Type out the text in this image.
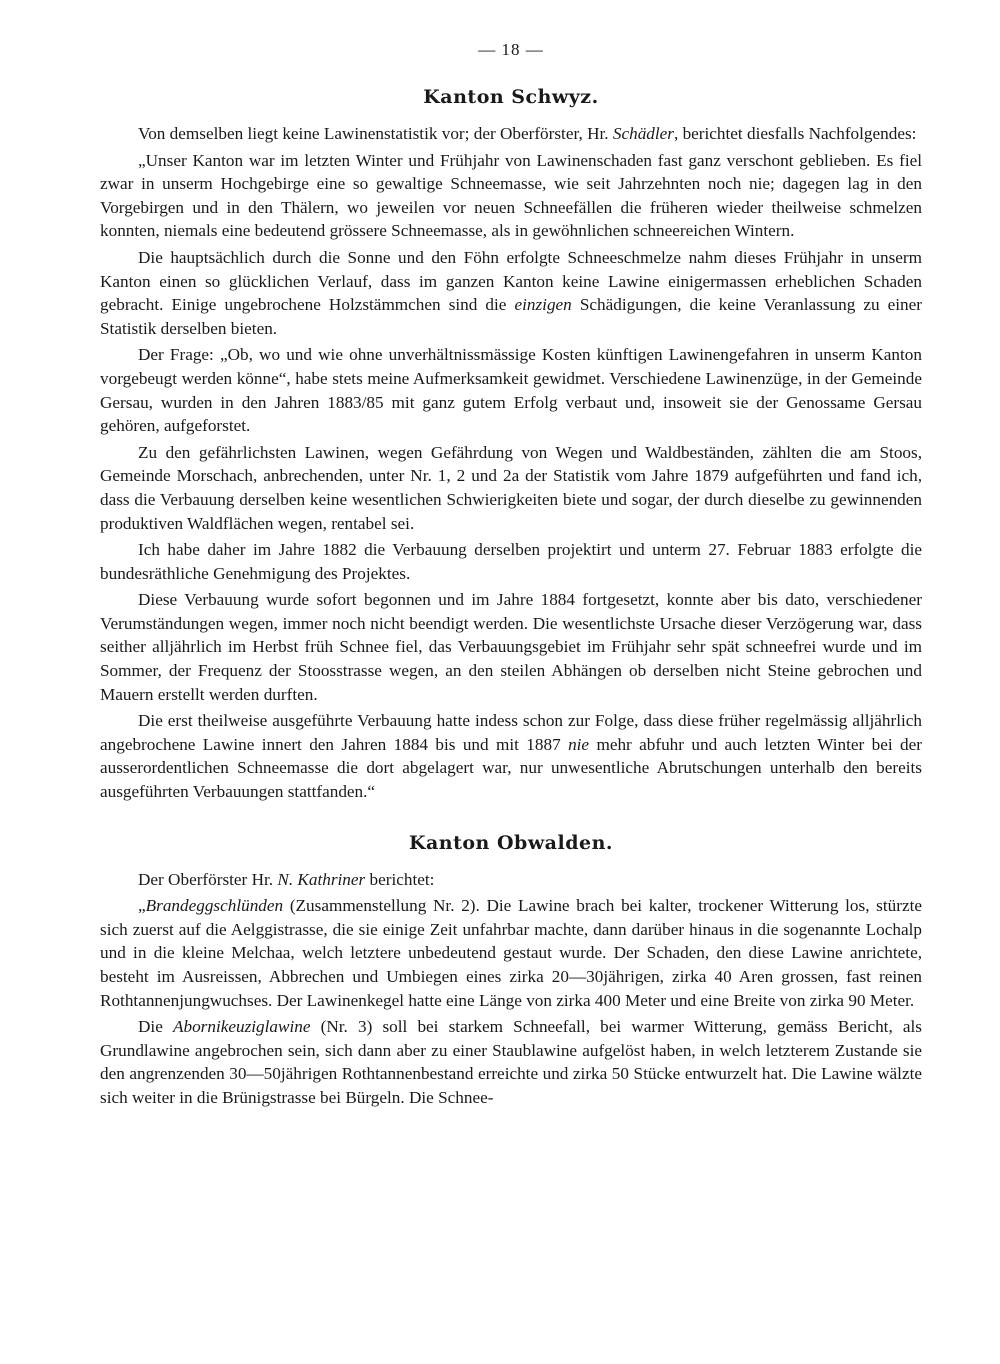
— 18 —
Kanton Schwyz.

Von demselben liegt keine Lawinenstatistik vor; der Oberförster, Hr. Schädler, berichtet diesfalls Nachfolgendes:

„Unser Kanton war im letzten Winter und Frühjahr von Lawinenschaden fast ganz verschont geblieben. Es fiel zwar in unserm Hochgebirge eine so gewaltige Schneemasse, wie seit Jahrzehnten noch nie; dagegen lag in den Vorgebirgen und in den Thälern, wo jeweilen vor neuen Schneefällen die früheren wieder theilweise schmelzen konnten, niemals eine bedeutend grössere Schneemasse, als in gewöhnlichen schneereichen Wintern.

Die hauptsächlich durch die Sonne und den Föhn erfolgte Schneeschmelze nahm dieses Frühjahr in unserm Kanton einen so glücklichen Verlauf, dass im ganzen Kanton keine Lawine einigermassen erheblichen Schaden gebracht. Einige ungebrochene Holzstämmchen sind die einzigen Schädigungen, die keine Veranlassung zu einer Statistik derselben bieten.

Der Frage: „Ob, wo und wie ohne unverhältnissmässige Kosten künftigen Lawinengefahren in unserm Kanton vorgebeugt werden könne“, habe stets meine Aufmerksamkeit gewidmet. Verschiedene Lawinenzüge, in der Gemeinde Gersau, wurden in den Jahren 1883/85 mit ganz gutem Erfolg verbaut und, insoweit sie der Genossame Gersau gehören, aufgeforstet.

Zu den gefährlichsten Lawinen, wegen Gefährdung von Wegen und Waldbeständen, zählten die am Stoos, Gemeinde Morschach, anbrechenden, unter Nr. 1, 2 und 2a der Statistik vom Jahre 1879 aufgeführten und fand ich, dass die Verbauung derselben keine wesentlichen Schwierigkeiten biete und sogar, der durch dieselbe zu gewinnenden produktiven Waldflächen wegen, rentabel sei.

Ich habe daher im Jahre 1882 die Verbauung derselben projektirt und unterm 27. Februar 1883 erfolgte die bundesräthliche Genehmigung des Projektes.

Diese Verbauung wurde sofort begonnen und im Jahre 1884 fortgesetzt, konnte aber bis dato, verschiedener Verumständungen wegen, immer noch nicht beendigt werden. Die wesentlichste Ursache dieser Verzögerung war, dass seither alljährlich im Herbst früh Schnee fiel, das Verbauungsgebiet im Frühjahr sehr spät schneefrei wurde und im Sommer, der Frequenz der Stoosstrasse wegen, an den steilen Abhängen ob derselben nicht Steine gebrochen und Mauern erstellt werden durften.

Die erst theilweise ausgeführte Verbauung hatte indess schon zur Folge, dass diese früher regelmässig alljährlich angebrochene Lawine innert den Jahren 1884 bis und mit 1887 nie mehr abfuhr und auch letzten Winter bei der ausserordentlichen Schneemasse die dort abgelagert war, nur unwesentliche Abrutschungen unterhalb den bereits ausgeführten Verbauungen stattfanden.“

Kanton Obwalden.

Der Oberförster Hr. N. Kathriner berichtet:

„Brandeggschlünden (Zusammenstellung Nr. 2). Die Lawine brach bei kalter, trockener Witterung los, stürzte sich zuerst auf die Aelggistrasse, die sie einige Zeit unfahrbar machte, dann darüber hinaus in die sogenannte Lochalp und in die kleine Melchaa, welch letztere unbedeutend gestaut wurde. Der Schaden, den diese Lawine anrichtete, besteht im Ausreissen, Abbrechen und Umbiegen eines zirka 20—30jährigen, zirka 40 Aren grossen, fast reinen Rothtannenjungwuchses. Der Lawinenkegel hatte eine Länge von zirka 400 Meter und eine Breite von zirka 90 Meter.

Die Abornikeuziglawine (Nr. 3) soll bei starkem Schneefall, bei warmer Witterung, gemäss Bericht, als Grundlawine angebrochen sein, sich dann aber zu einer Staublawine aufgelöst haben, in welch letzterem Zustande sie den angrenzenden 30—50jährigen Rothtannenbestand erreichte und zirka 50 Stücke entwurzelt hat. Die Lawine wälzte sich weiter in die Brünigstrasse bei Bürgeln. Die Schnee-
